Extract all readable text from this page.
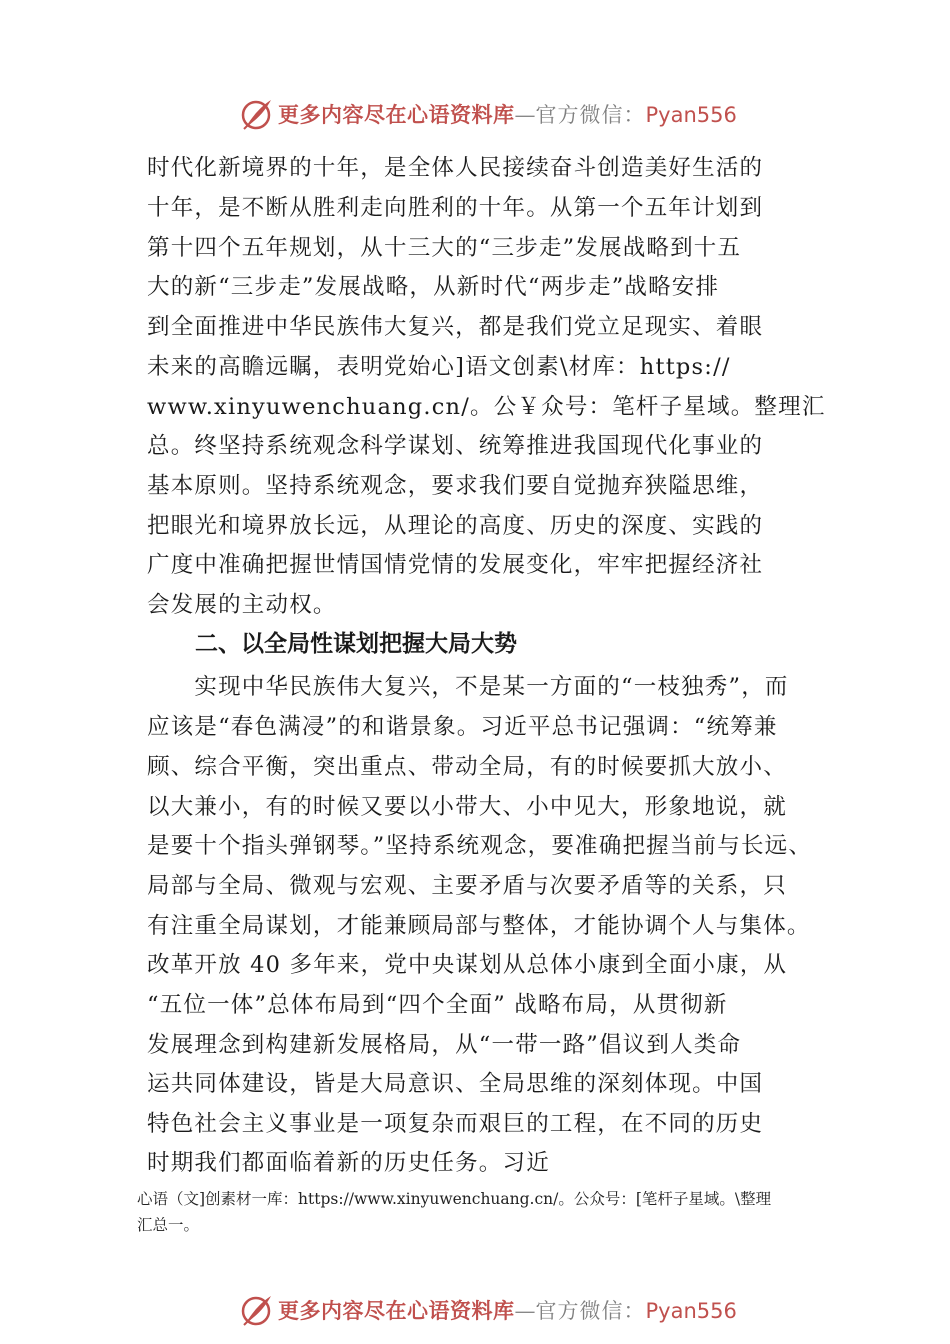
更多内容尽在心语资料库—官方微信：Pyan556
时代化新境界的十年，是全体人民接续奋斗创造美好生活的
十年，是不断从胜利走向胜利的十年。从第一个五年计划到
第十四个五年规划，从十三大的“三步走”发展战略到十五
大的新“三步走”发展战略，从新时代“两步走”战略安排
到全面推进中华民族伟大复兴，都是我们党立足现实、着眼
未来的高瞻远瞩，表明党始心]语文创素\材库：https://
www.xinyuwenchuang.cn/。公￥众号：笔杆子星域。整理汇
总。终坚持系统观念科学谋划、统筹推进我国现代化事业的
基本原则。坚持系统观念，要求我们要自觉抛弃狭隘思维，
把眼光和境界放长远，从理论的高度、历史的深度、实践的
广度中准确把握世情国情党情的发展变化，牢牢把握经济社
会发展的主动权。
二、以全局性谋划把握大局大势
　　实现中华民族伟大复兴，不是某一方面的“一枝独秀”，而
应该是“春色满㓎”的和谐景象。习近平总书记强调：“统筹兼
顾、综合平衡，突出重点、带动全局，有的时候要抓大放小、
以大兼小，有的时候又要以小带大、小中见大，形象地说，就
是要十个指头弹钢琴。”坚持系统观念，要准确把握当前与长远、
局部与全局、微观与宏观、主要矛盾与次要矛盾等的关系，只
有注重全局谋划，才能兼顾局部与整体，才能协调个人与集体。
改革开放 40 多年来，党中央谋划从总体小康到全面小康，从
“五位一体”总体布局到“四个全面” 战略布局，从贯彻新
发展理念到构建新发展格局，从“一带一路”倡议到人类命
运共同体建设，皆是大局意识、全局思维的深刻体现。中国
特色社会主义事业是一项复杂而艰巨的工程，在不同的历史
时期我们都面临着新的历史任务。习近
心语（文]创素材一库：https://www.xinyuwenchuang.cn/。公众号：[笔杆子星域。\整理
汇总一。
更多内容尽在心语资料库—官方微信：Pyan556
